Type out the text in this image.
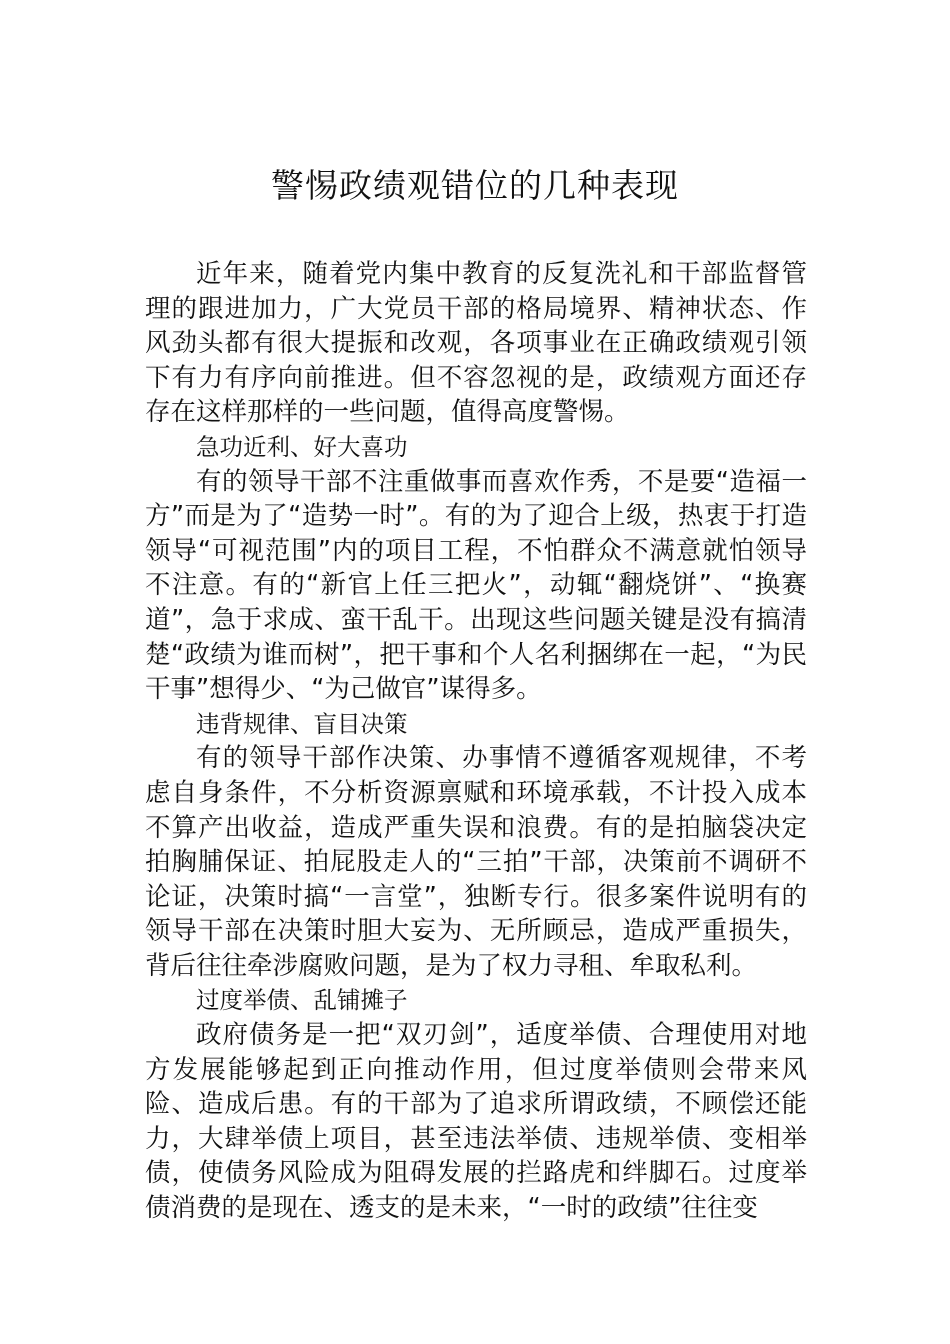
警惕政绩观错位的几种表现

近年来，随着党内集中教育的反复洗礼和干部监督管理的跟进加力，广大党员干部的格局境界、精神状态、作风劲头都有很大提振和改观，各项事业在正确政绩观引领下有力有序向前推进。但不容忽视的是，政绩观方面还存存在这样那样的一些问题，值得高度警惕。

急功近利、好大喜功

有的领导干部不注重做事而喜欢作秀，不是要“造福一方”而是为了“造势一时”。有的为了迎合上级，热衷于打造领导“可视范围”内的项目工程，不怕群众不满意就怕领导不注意。有的“新官上任三把火”，动辄“翻烧饼”、“换赛道”，急于求成、蛮干乱干。出现这些问题关键是没有搞清楚“政绩为谁而树”，把干事和个人名利捆绑在一起，“为民干事”想得少、“为己做官”谋得多。

违背规律、盲目决策

有的领导干部作决策、办事情不遵循客观规律，不考虑自身条件，不分析资源禀赋和环境承载，不计投入成本不算产出收益，造成严重失误和浪费。有的是拍脑袋决定拍胸脯保证、拍屁股走人的“三拍”干部，决策前不调研不论证，决策时搞“一言堂”，独断专行。很多案件说明有的领导干部在决策时胆大妄为、无所顾忌，造成严重损失，背后往往牵涉腐败问题，是为了权力寻租、牟取私利。

过度举债、乱铺摊子

政府债务是一把“双刃剑”，适度举债、合理使用对地方发展能够起到正向推动作用，但过度举债则会带来风险、造成后患。有的干部为了追求所谓政绩，不顾偿还能力，大肆举债上项目，甚至违法举债、违规举债、变相举债，使债务风险成为阻碍发展的拦路虎和绊脚石。过度举债消费的是现在、透支的是未来，“一时的政绩”往往变
